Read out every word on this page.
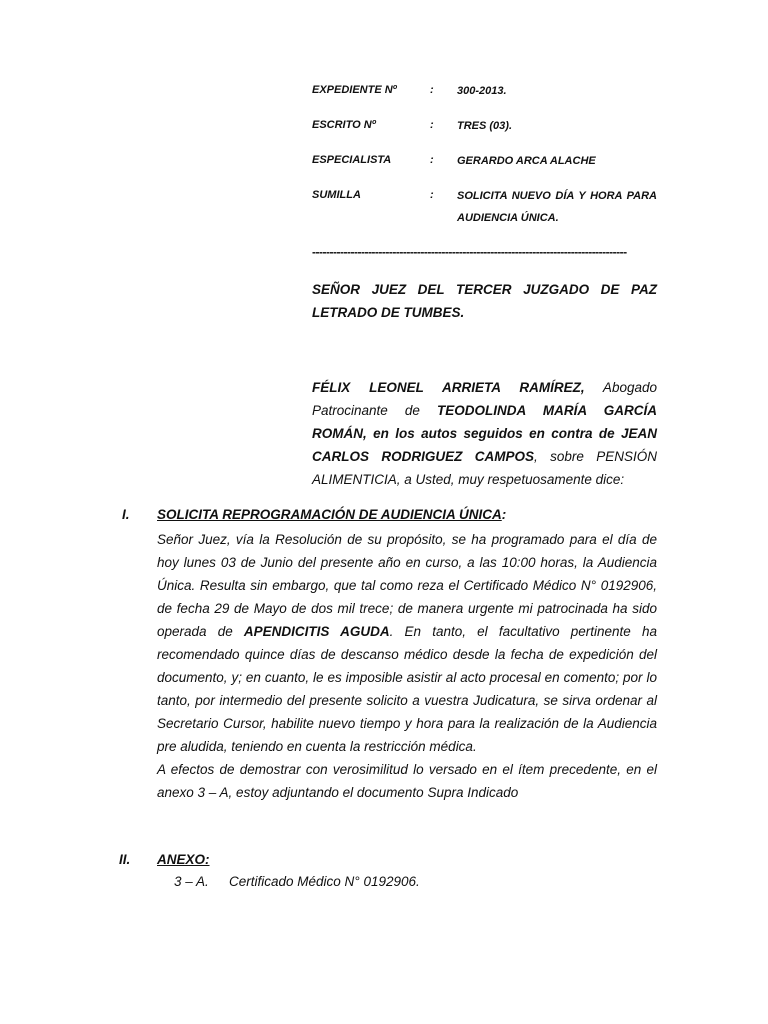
EXPEDIENTE Nº	: 300-2013.
ESCRITO Nº	: TRES (03).
ESPECIALISTA	: GERARDO ARCA ALACHE
SUMILLA	: SOLICITA NUEVO DÍA Y HORA PARA AUDIENCIA ÚNICA.
------------------------------------------------------------------------------------------
SEÑOR JUEZ DEL TERCER JUZGADO DE PAZ LETRADO DE TUMBES.
FÉLIX LEONEL ARRIETA RAMÍREZ, Abogado Patrocinante de TEODOLINDA MARÍA GARCÍA ROMÁN, en los autos seguidos en contra de JEAN CARLOS RODRIGUEZ CAMPOS, sobre PENSIÓN ALIMENTICIA, a Usted, muy respetuosamente dice:
I. SOLICITA REPROGRAMACIÓN DE AUDIENCIA ÚNICA:
Señor Juez, vía la Resolución de su propósito, se ha programado para el día de hoy lunes 03 de Junio del presente año en curso, a las 10:00 horas, la Audiencia Única. Resulta sin embargo, que tal como reza el Certificado Médico N° 0192906, de fecha 29 de Mayo de dos mil trece; de manera urgente mi patrocinada ha sido operada de APENDICITIS AGUDA. En tanto, el facultativo pertinente ha recomendado quince días de descanso médico desde la fecha de expedición del documento, y; en cuanto, le es imposible asistir al acto procesal en comento; por lo tanto, por intermedio del presente solicito a vuestra Judicatura, se sirva ordenar al Secretario Cursor, habilite nuevo tiempo y hora para la realización de la Audiencia pre aludida, teniendo en cuenta la restricción médica.
A efectos de demostrar con verosimilitud lo versado en el ítem precedente, en el anexo 3 – A, estoy adjuntando el documento Supra Indicado
II. ANEXO:
3 – A. Certificado Médico N° 0192906.
